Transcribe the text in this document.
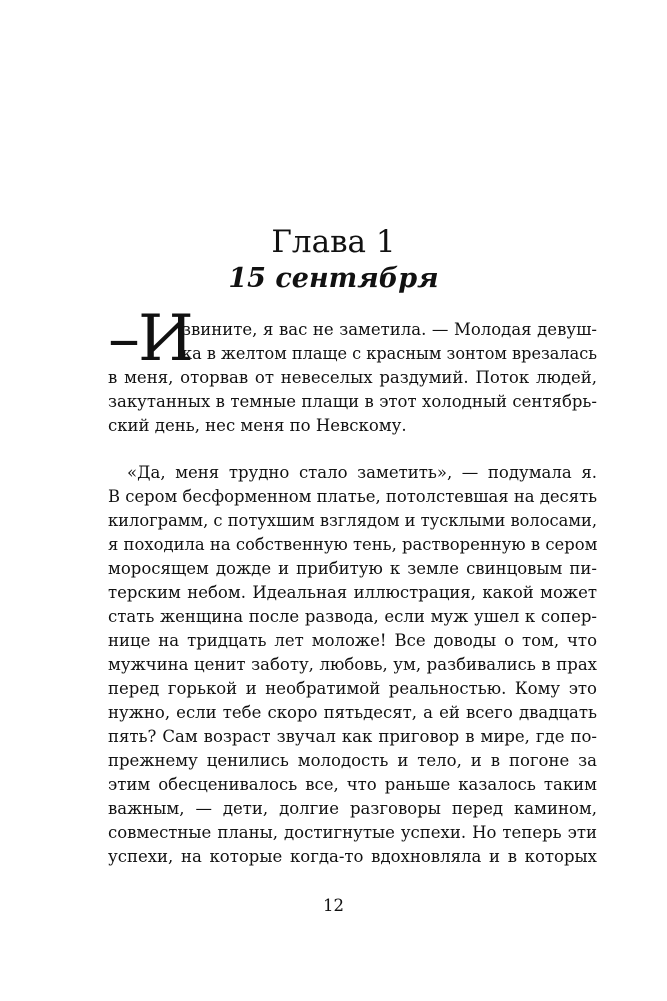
Глава 1
15 сентября
–И
звините, я вас не заметила. — Молодая девуш-
ка в желтом плаще с красным зонтом врезалась
в меня, оторвав от невеселых раздумий. Поток людей,
закутанных в темные плащи в этот холодный сентябрь-
ский день, нес меня по Невскому.
«Да, меня трудно стало заметить», — подумала я.
В сером бесформенном платье, потолстевшая на десять
килограмм, с потухшим взглядом и тусклыми волосами,
я походила на собственную тень, растворенную в сером
моросящем дожде и прибитую к земле свинцовым пи-
терским небом. Идеальная иллюстрация, какой может
стать женщина после развода, если муж ушел к сопер-
нице на тридцать лет моложе! Все доводы о том, что
мужчина ценит заботу, любовь, ум, разбивались в прах
перед горькой и необратимой реальностью. Кому это
нужно, если тебе скоро пятьдесят, а ей всего двадцать
пять? Сам возраст звучал как приговор в мире, где по-
прежнему ценились молодость и тело, и в погоне за
этим обесценивалось все, что раньше казалось таким
важным, — дети, долгие разговоры перед камином,
совместные планы, достигнутые успехи. Но теперь эти
успехи, на которые когда-то вдохновляла и в которых
12
